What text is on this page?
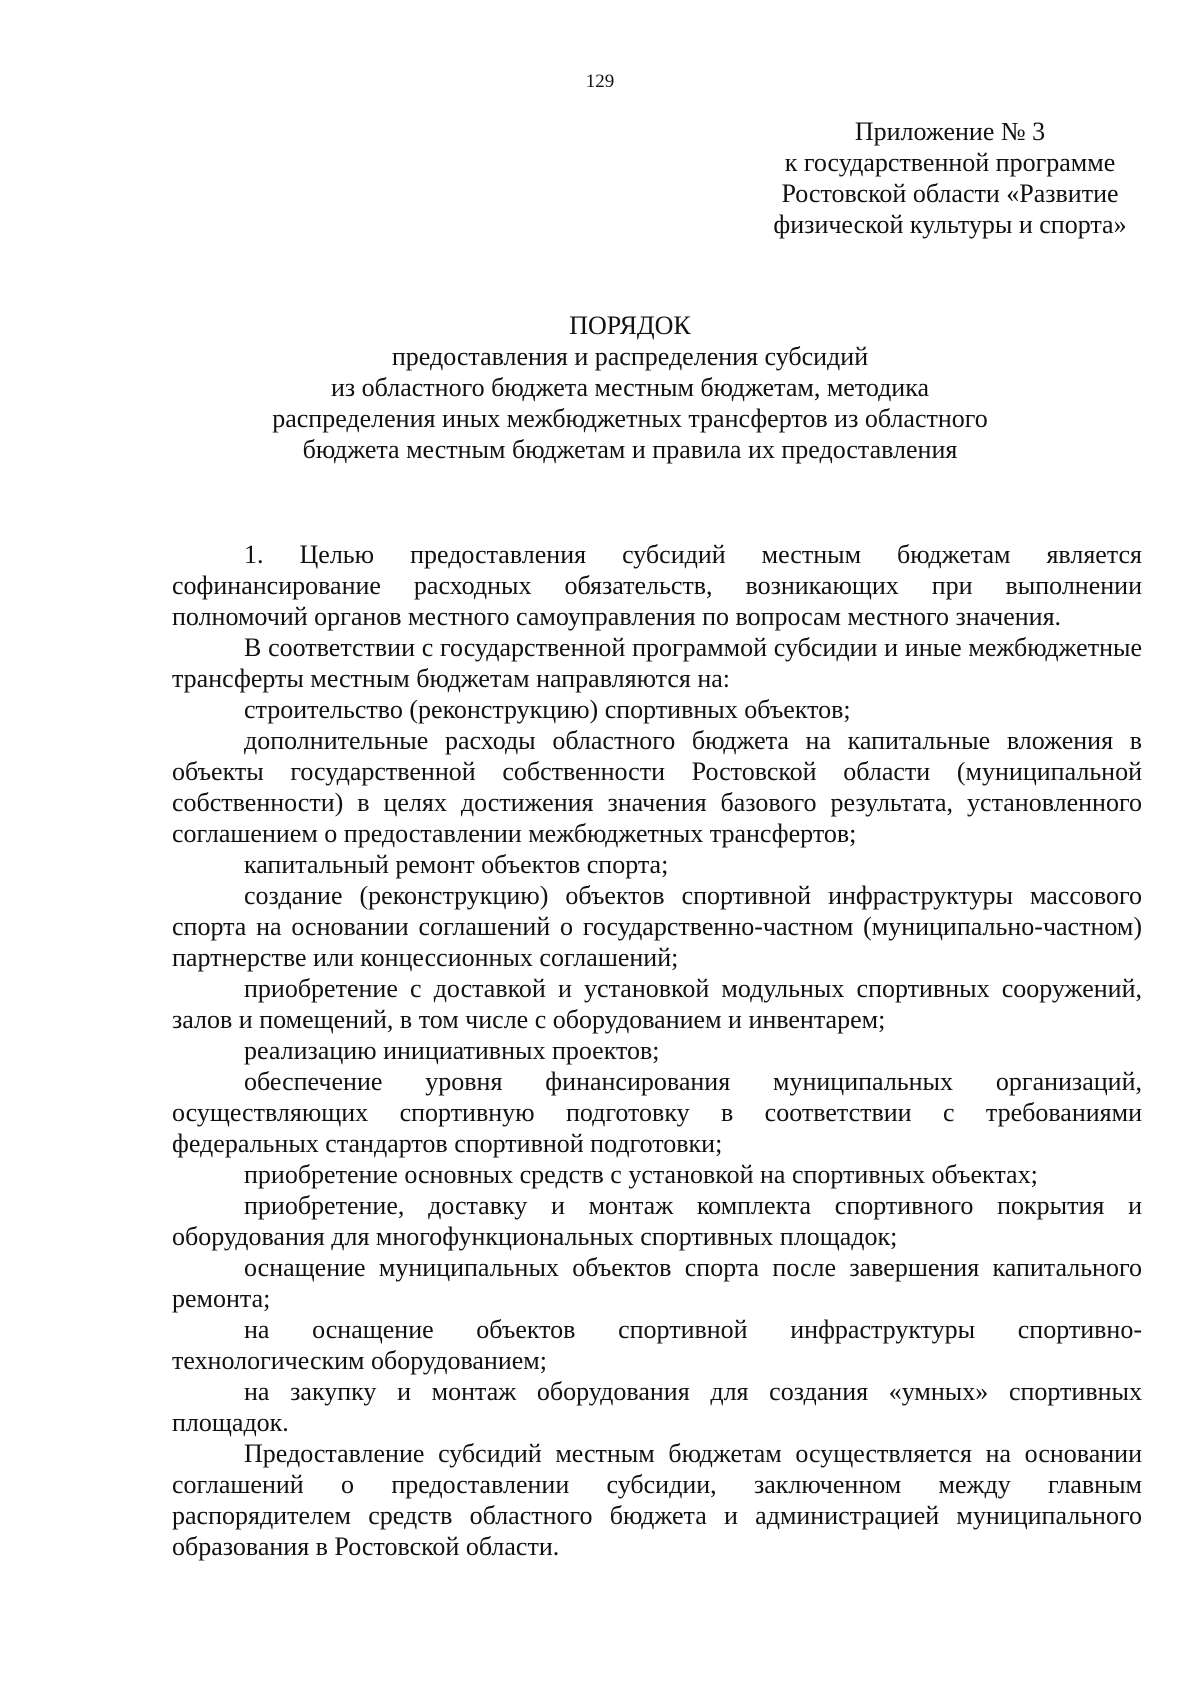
129
Приложение № 3
к государственной программе
Ростовской области «Развитие
физической культуры и спорта»
ПОРЯДОК
предоставления и распределения субсидий
из областного бюджета местным бюджетам, методика
распределения иных межбюджетных трансфертов из областного
бюджета местным бюджетам и правила их предоставления

1. Целью предоставления субсидий местным бюджетам является софинансирование расходных обязательств, возникающих при выполнении полномочий органов местного самоуправления по вопросам местного значения.

В соответствии с государственной программой субсидии и иные межбюджетные трансферты местным бюджетам направляются на:

строительство (реконструкцию) спортивных объектов;

дополнительные расходы областного бюджета на капитальные вложения в объекты государственной собственности Ростовской области (муниципальной собственности) в целях достижения значения базового результата, установленного соглашением о предоставлении межбюджетных трансфертов;

капитальный ремонт объектов спорта;

создание (реконструкцию) объектов спортивной инфраструктуры массового спорта на основании соглашений о государственно-частном (муниципально-частном) партнерстве или концессионных соглашений;

приобретение с доставкой и установкой модульных спортивных сооружений, залов и помещений, в том числе с оборудованием и инвентарем;

реализацию инициативных проектов;

обеспечение уровня финансирования муниципальных организаций, осуществляющих спортивную подготовку в соответствии с требованиями федеральных стандартов спортивной подготовки;

приобретение основных средств с установкой на спортивных объектах;

приобретение, доставку и монтаж комплекта спортивного покрытия и оборудования для многофункциональных спортивных площадок;

оснащение муниципальных объектов спорта после завершения капитального ремонта;

на оснащение объектов спортивной инфраструктуры спортивно-технологическим оборудованием;

на закупку и монтаж оборудования для создания «умных» спортивных площадок.

Предоставление субсидий местным бюджетам осуществляется на основании соглашений о предоставлении субсидии, заключенном между главным распорядителем средств областного бюджета и администрацией муниципального образования в Ростовской области.
